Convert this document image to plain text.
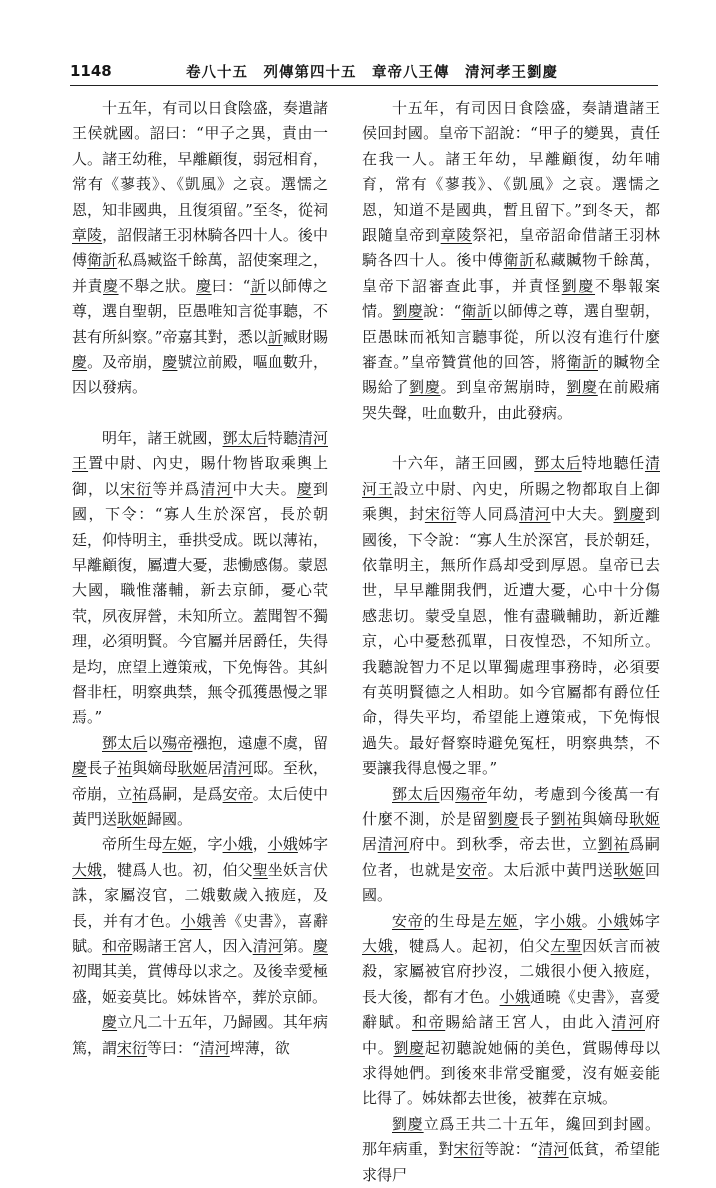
1148	卷八十五　列傳第四十五　章帝八王傳　清河孝王劉慶

十五年，有司以日食陰盛，奏遣諸王侯就國。詔曰：“甲子之異，責由一人。諸王幼稚，早離顧復，弱冠相育，常有《蓼莪》、《凱風》之哀。選懦之恩，知非國典，且復須留。”至冬，從祠章陵，詔假諸王羽林騎各四十人。後中傅衛訢私爲臧盜千餘萬，詔使案理之，并責慶不舉之狀。慶曰：“訢以師傅之尊，選自聖朝，臣愚唯知言從事聽，不甚有所糾察。”帝嘉其對，悉以訢臧財賜慶。及帝崩，慶號泣前殿，嘔血數升，因以發病。

明年，諸王就國，鄧太后特聽清河王置中尉、內史，賜什物皆取乘輿上御，以宋衍等并爲清河中大夫。慶到國，下令：“寡人生於深宮，長於朝廷，仰恃明主，垂拱受成。既以薄祐，早離顧復，屬遭大憂，悲慟感傷。蒙恩大國，職惟藩輔，新去京師，憂心茕茕，夙夜屏營，未知所立。蓋聞智不獨理，必須明賢。今官屬并居爵任，失得是均，庶望上遵策戒，下免悔咎。其糾督非枉，明察典禁，無令孤獲愚慢之罪焉。”

鄧太后以殤帝襁抱，遠慮不虞，留慶長子祐與嫡母耿姬居清河邸。至秋，帝崩，立祐爲嗣，是爲安帝。太后使中黃門送耿姬歸國。

帝所生母左姬，字小娥，小娥姊字大娥，犍爲人也。初，伯父聖坐妖言伏誅，家屬沒官，二娥數歲入掖庭，及長，并有才色。小娥善《史書》，喜辭賦。和帝賜諸王宮人，因入清河第。慶初聞其美，賞傅母以求之。及後幸愛極盛，姬妾莫比。姊妹皆卒，葬於京師。

慶立凡二十五年，乃歸國。其年病篤，謂宋衍等曰：“清河埤薄，欲

十五年，有司因日食陰盛，奏請遣諸王侯回封國。皇帝下詔說：“甲子的變異，責任在我一人。諸王年幼，早離顧復，幼年哺育，常有《蓼莪》、《凱風》之哀。選懦之恩，知道不是國典，暫且留下。”到冬天，都跟隨皇帝到章陵祭祀，皇帝詔命借諸王羽林騎各四十人。後中傅衛訢私藏贓物千餘萬，皇帝下詔審查此事，并責怪劉慶不舉報案情。劉慶說：“衛訢以師傅之尊，選自聖朝，臣愚昧而衹知言聽事從，所以沒有進行什麼審查。”皇帝贊賞他的回答，將衛訢的贓物全賜給了劉慶。到皇帝駕崩時，劉慶在前殿痛哭失聲，吐血數升，由此發病。

十六年，諸王回國，鄧太后特地聽任清河王設立中尉、內史，所賜之物都取自上御乘輿，封宋衍等人同爲清河中大夫。劉慶到國後，下令說：“寡人生於深宮，長於朝廷，依靠明主，無所作爲却受到厚恩。皇帝已去世，早早離開我們，近遭大憂，心中十分傷感悲切。蒙受皇恩，惟有盡職輔助，新近離京，心中憂愁孤單，日夜惶恐，不知所立。我聽說智力不足以單獨處理事務時，必須要有英明賢德之人相助。如今官屬都有爵位任命，得失平均，希望能上遵策戒，下免悔恨過失。最好督察時避免冤枉，明察典禁，不要讓我得息慢之罪。”

鄧太后因殤帝年幼，考慮到今後萬一有什麼不測，於是留劉慶長子劉祐與嫡母耿姬居清河府中。到秋季，帝去世，立劉祐爲嗣位者，也就是安帝。太后派中黃門送耿姬回國。

安帝的生母是左姬，字小娥。小娥姊字大娥，犍爲人。起初，伯父左聖因妖言而被殺，家屬被官府抄沒，二娥很小便入掖庭，長大後，都有才色。小娥通曉《史書》，喜愛辭賦。和帝賜給諸王宮人，由此入清河府中。劉慶起初聽說她倆的美色，賞賜傅母以求得她們。到後來非常受寵愛，沒有姬妾能比得了。姊妹都去世後，被葬在京城。

劉慶立爲王共二十五年，纔回到封國。那年病重，對宋衍等說：“清河低貧，希望能求得尸
